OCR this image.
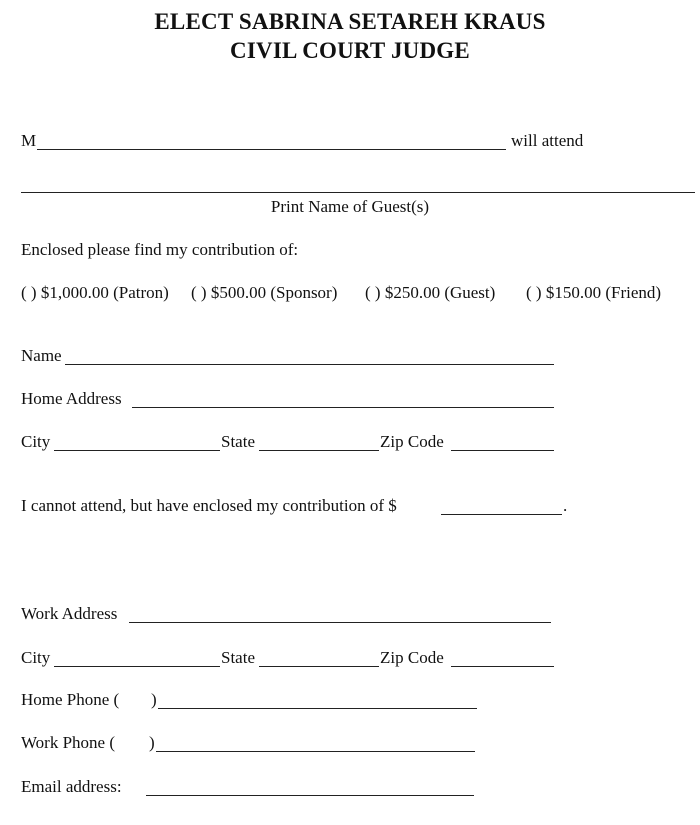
ELECT SABRINA SETAREH KRAUS
CIVIL COURT JUDGE
M	will attend
Print Name of Guest(s)
Enclosed please find my contribution of:
( ) $1,000.00 (Patron) ( ) $500.00 (Sponsor) ( ) $250.00 (Guest) ( ) $150.00 (Friend)
Name
Home Address
City	State	Zip Code
I cannot attend, but have enclosed my contribution of $	.
Work Address
City	State	Zip Code
Home Phone ( )
Work Phone ( )
Email address:
